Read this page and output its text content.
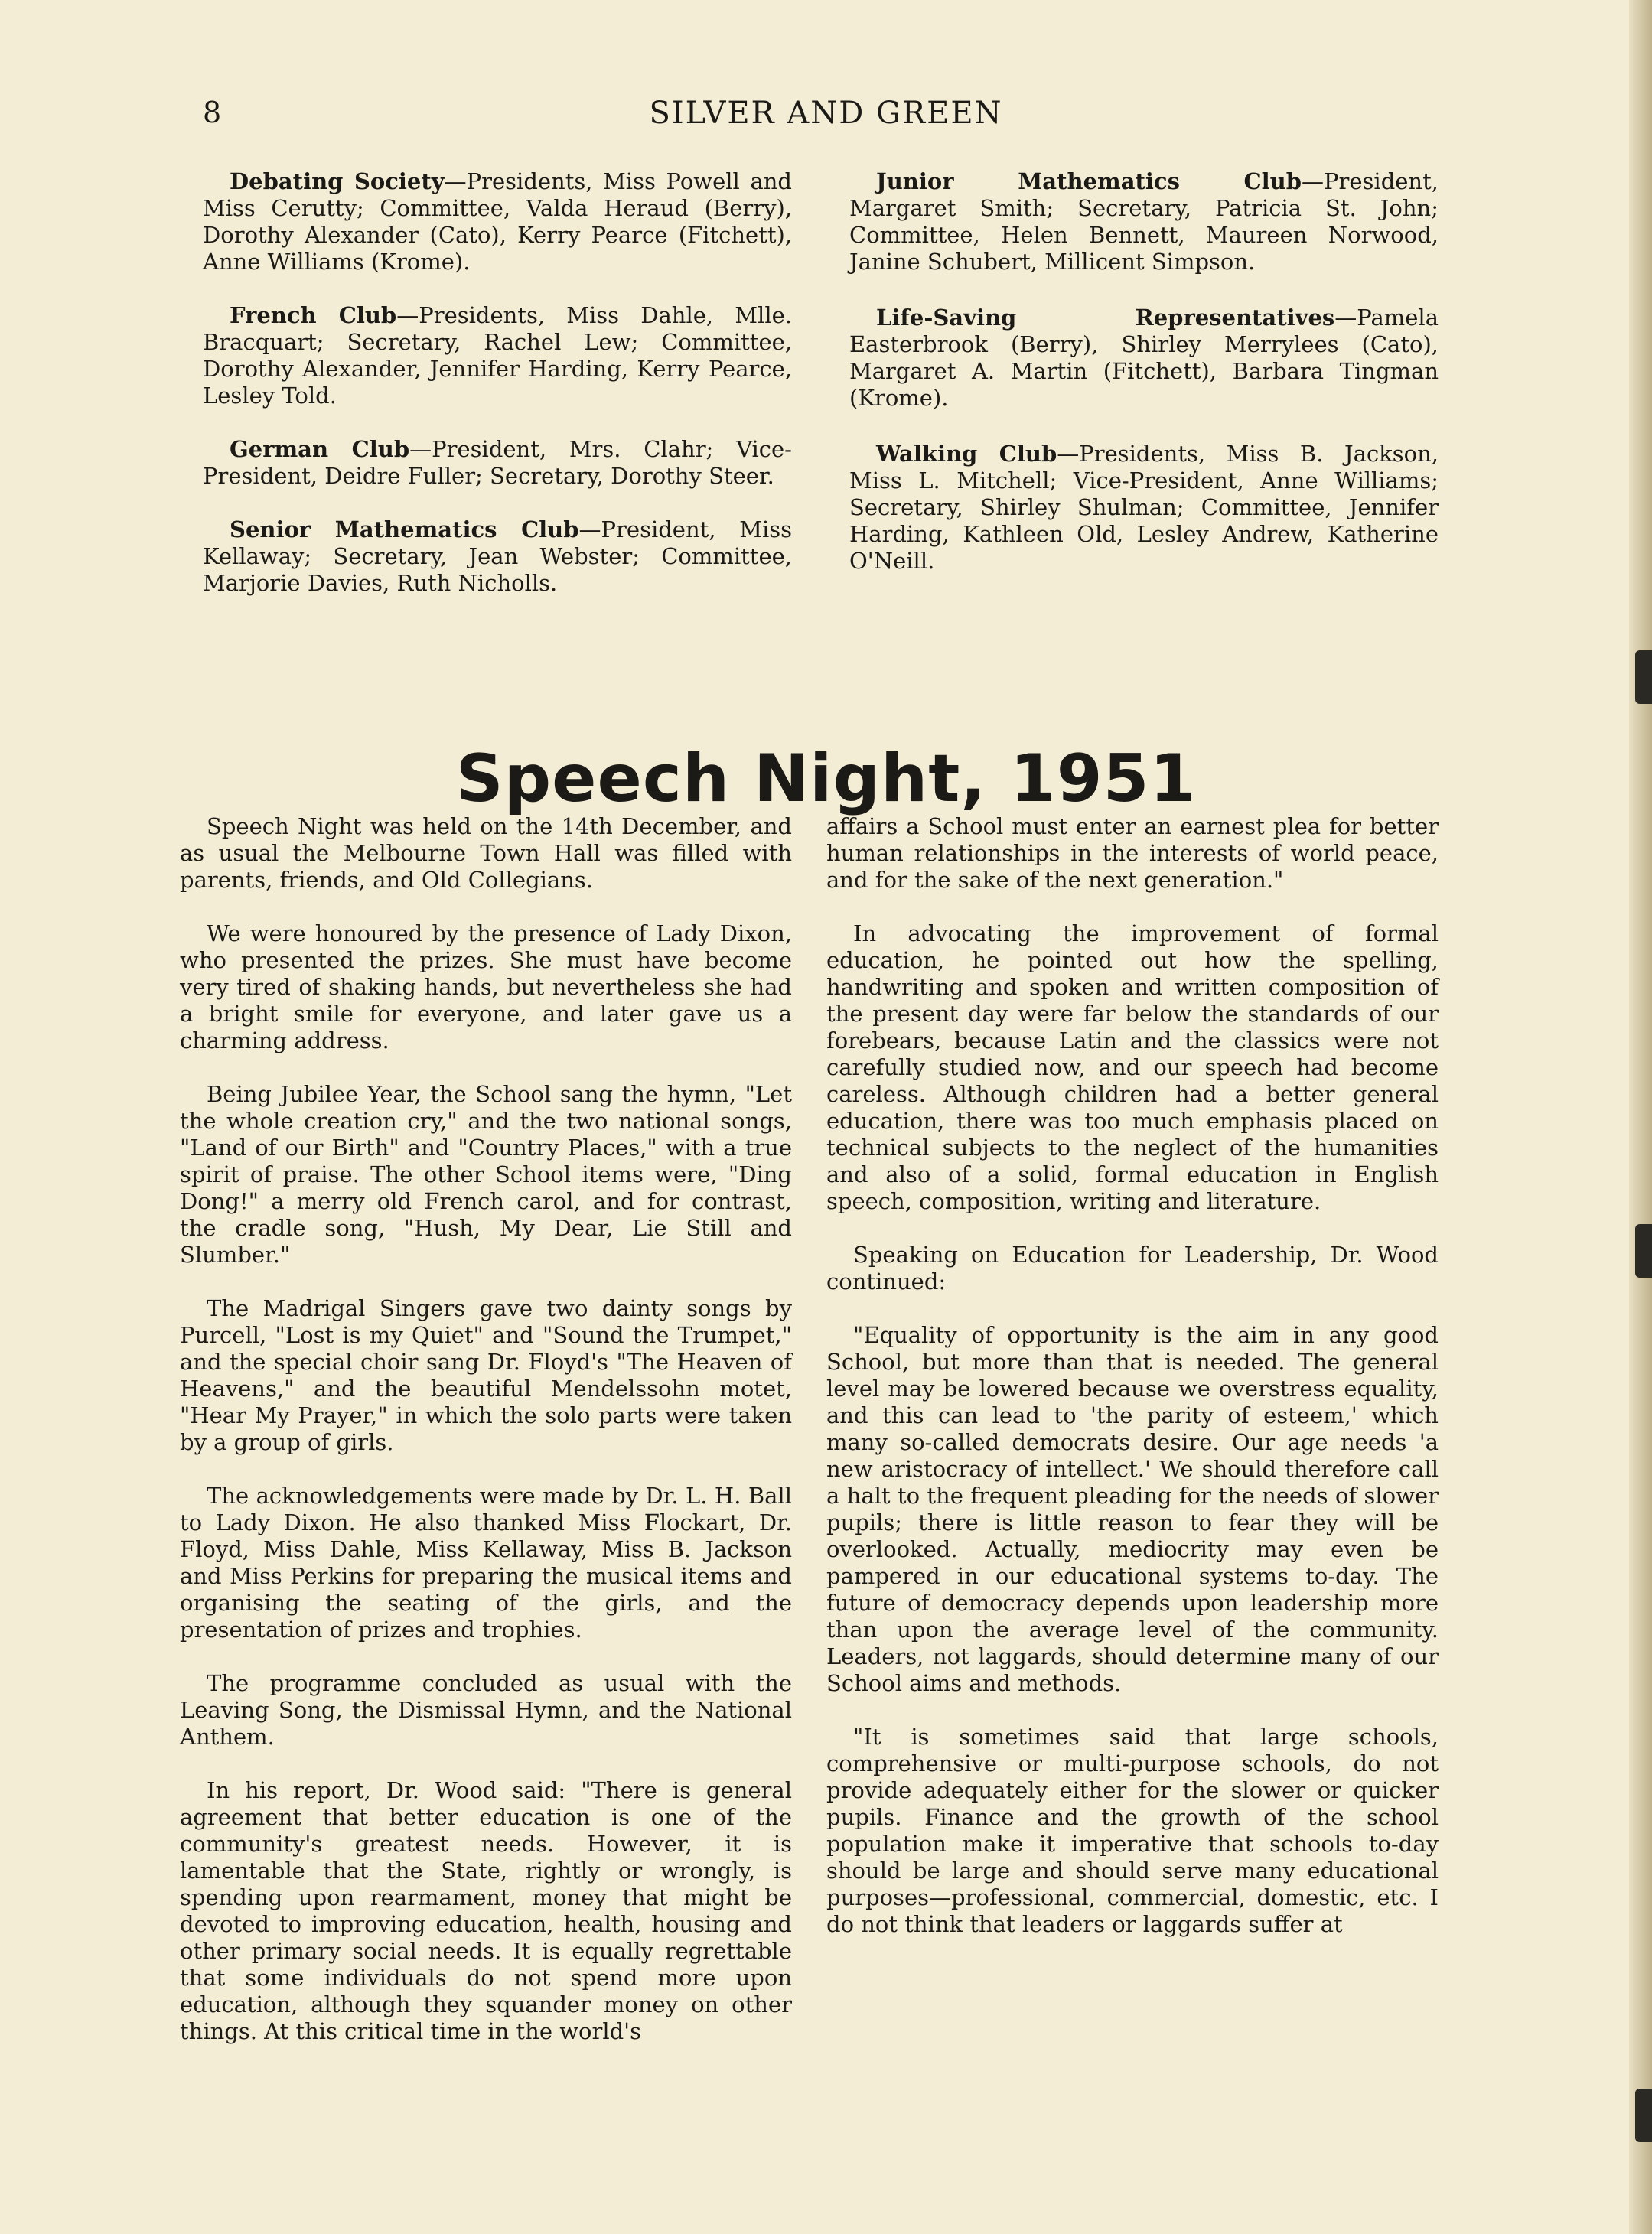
8	SILVER AND GREEN

Debating Society—Presidents, Miss Powell and Miss Cerutty; Committee, Valda Heraud (Berry), Dorothy Alexander (Cato), Kerry Pearce (Fitchett), Anne Williams (Krome).

French Club—Presidents, Miss Dahle, Mlle. Bracquart; Secretary, Rachel Lew; Committee, Dorothy Alexander, Jennifer Harding, Kerry Pearce, Lesley Told.

German Club—President, Mrs. Clahr; Vice-President, Deidre Fuller; Secretary, Dorothy Steer.

Senior Mathematics Club—President, Miss Kellaway; Secretary, Jean Webster; Committee, Marjorie Davies, Ruth Nicholls.

Junior Mathematics Club—President, Margaret Smith; Secretary, Patricia St. John; Committee, Helen Bennett, Maureen Norwood, Janine Schubert, Millicent Simpson.

Life-Saving Representatives—Pamela Easterbrook (Berry), Shirley Merrylees (Cato), Margaret A. Martin (Fitchett), Barbara Tingman (Krome).

Walking Club—Presidents, Miss B. Jackson, Miss L. Mitchell; Vice-President, Anne Williams; Secretary, Shirley Shulman; Committee, Jennifer Harding, Kathleen Old, Lesley Andrew, Katherine O'Neill.

Speech Night, 1951

Speech Night was held on the 14th December, and as usual the Melbourne Town Hall was filled with parents, friends, and Old Collegians.

We were honoured by the presence of Lady Dixon, who presented the prizes. She must have become very tired of shaking hands, but nevertheless she had a bright smile for everyone, and later gave us a charming address.

Being Jubilee Year, the School sang the hymn, "Let the whole creation cry," and the two national songs, "Land of our Birth" and "Country Places," with a true spirit of praise. The other School items were, "Ding Dong!" a merry old French carol, and for contrast, the cradle song, "Hush, My Dear, Lie Still and Slumber."

The Madrigal Singers gave two dainty songs by Purcell, "Lost is my Quiet" and "Sound the Trumpet," and the special choir sang Dr. Floyd's "The Heaven of Heavens," and the beautiful Mendelssohn motet, "Hear My Prayer," in which the solo parts were taken by a group of girls.

The acknowledgements were made by Dr. L. H. Ball to Lady Dixon. He also thanked Miss Flockart, Dr. Floyd, Miss Dahle, Miss Kellaway, Miss B. Jackson and Miss Perkins for preparing the musical items and organising the seating of the girls, and the presentation of prizes and trophies.

The programme concluded as usual with the Leaving Song, the Dismissal Hymn, and the National Anthem.

In his report, Dr. Wood said: "There is general agreement that better education is one of the community's greatest needs. However, it is lamentable that the State, rightly or wrongly, is spending upon rearmament, money that might be devoted to improving education, health, housing and other primary social needs. It is equally regrettable that some individuals do not spend more upon education, although they squander money on other things. At this critical time in the world's

affairs a School must enter an earnest plea for better human relationships in the interests of world peace, and for the sake of the next generation."

In advocating the improvement of formal education, he pointed out how the spelling, handwriting and spoken and written composition of the present day were far below the standards of our forebears, because Latin and the classics were not carefully studied now, and our speech had become careless. Although children had a better general education, there was too much emphasis placed on technical subjects to the neglect of the humanities and also of a solid, formal education in English speech, composition, writing and literature.

Speaking on Education for Leadership, Dr. Wood continued:

"Equality of opportunity is the aim in any good School, but more than that is needed. The general level may be lowered because we overstress equality, and this can lead to 'the parity of esteem,' which many so-called democrats desire. Our age needs 'a new aristocracy of intellect.' We should therefore call a halt to the frequent pleading for the needs of slower pupils; there is little reason to fear they will be overlooked. Actually, mediocrity may even be pampered in our educational systems to-day. The future of democracy depends upon leadership more than upon the average level of the community. Leaders, not laggards, should determine many of our School aims and methods.

"It is sometimes said that large schools, comprehensive or multi-purpose schools, do not provide adequately either for the slower or quicker pupils. Finance and the growth of the school population make it imperative that schools to-day should be large and should serve many educational purposes—professional, commercial, domestic, etc. I do not think that leaders or laggards suffer at
